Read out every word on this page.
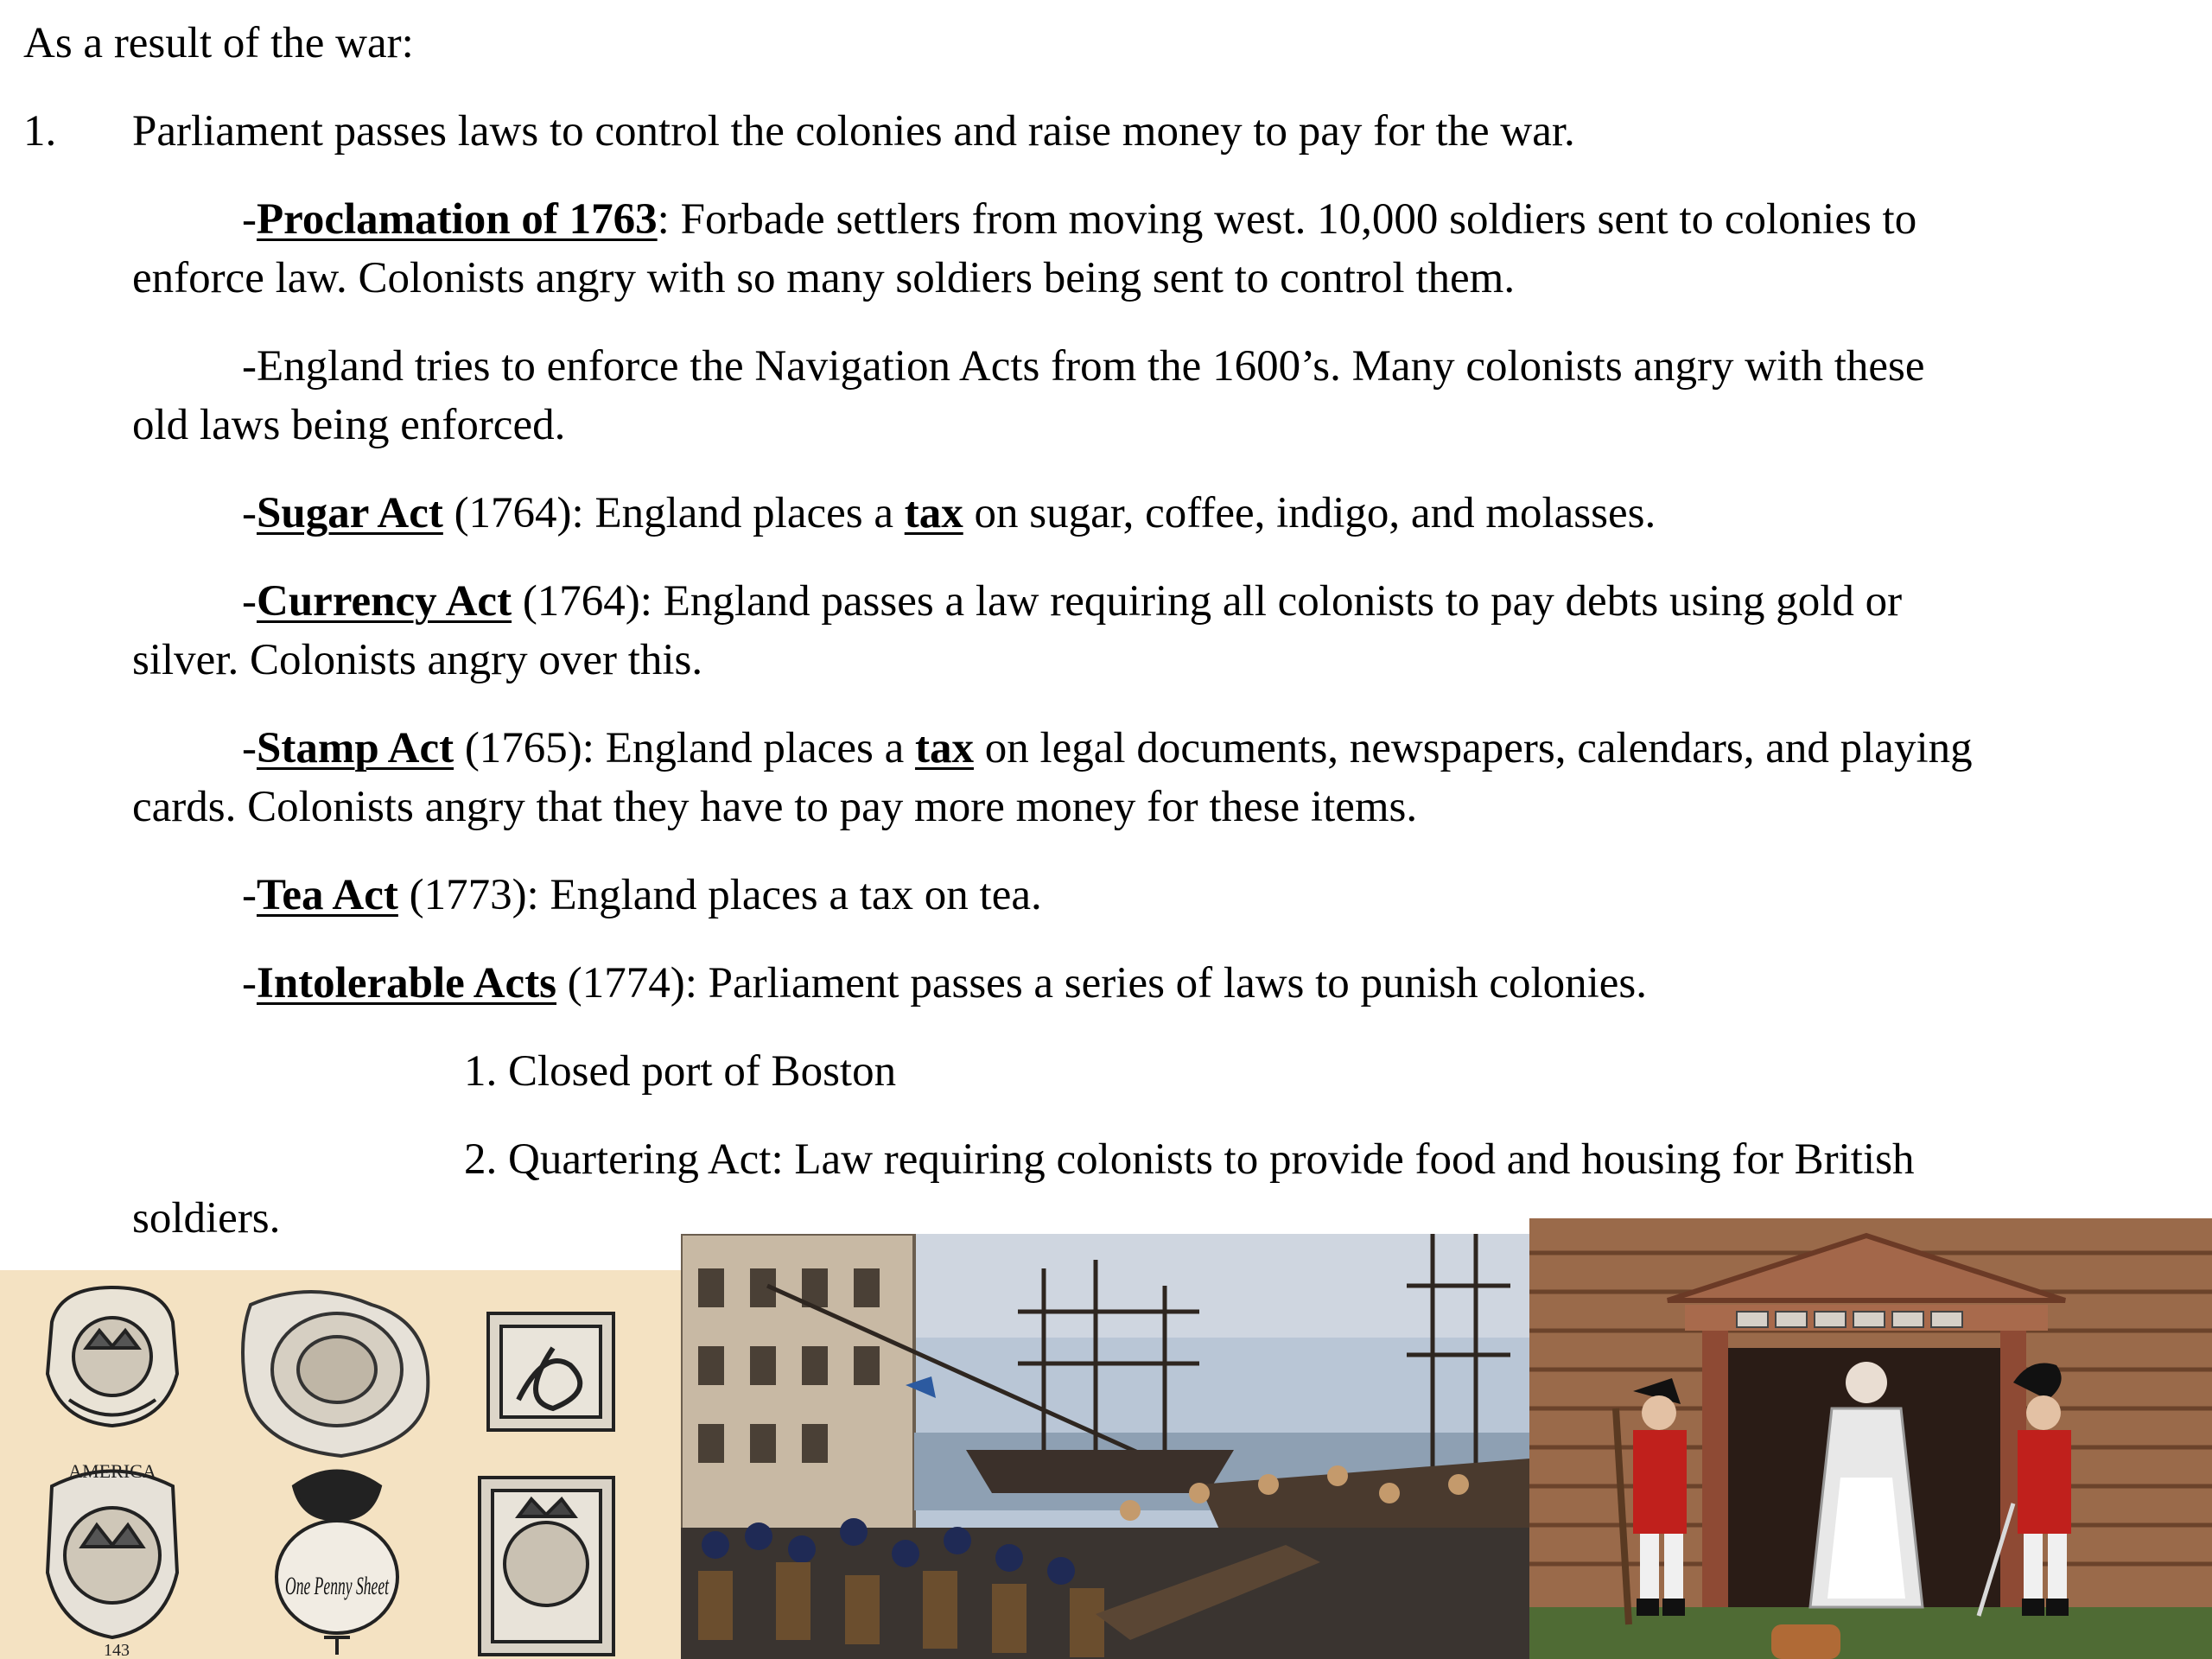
As a result of the war:
1. Parliament passes laws to control the colonies and raise money to pay for the war.
-Proclamation of 1763: Forbade settlers from moving west. 10,000 soldiers sent to colonies to
enforce law. Colonists angry with so many soldiers being sent to control them.
-England tries to enforce the Navigation Acts from the 1600’s. Many colonists angry with these
old laws being enforced.
-Sugar Act (1764): England places a tax on sugar, coffee, indigo, and molasses.
-Currency Act (1764): England passes a law requiring all colonists to pay debts using gold or
silver. Colonists angry over this.
-Stamp Act (1765): England places a tax on legal documents, newspapers, calendars, and playing
cards. Colonists angry that they have to pay more money for these items.
-Tea Act (1773): England places a tax on tea.
-Intolerable Acts (1774): Parliament passes a series of laws to punish colonies.
1. Closed port of Boston
2. Quartering Act: Law requiring colonists to provide food and housing for British
soldiers.
AMERICA
143
One Penny Sheet
